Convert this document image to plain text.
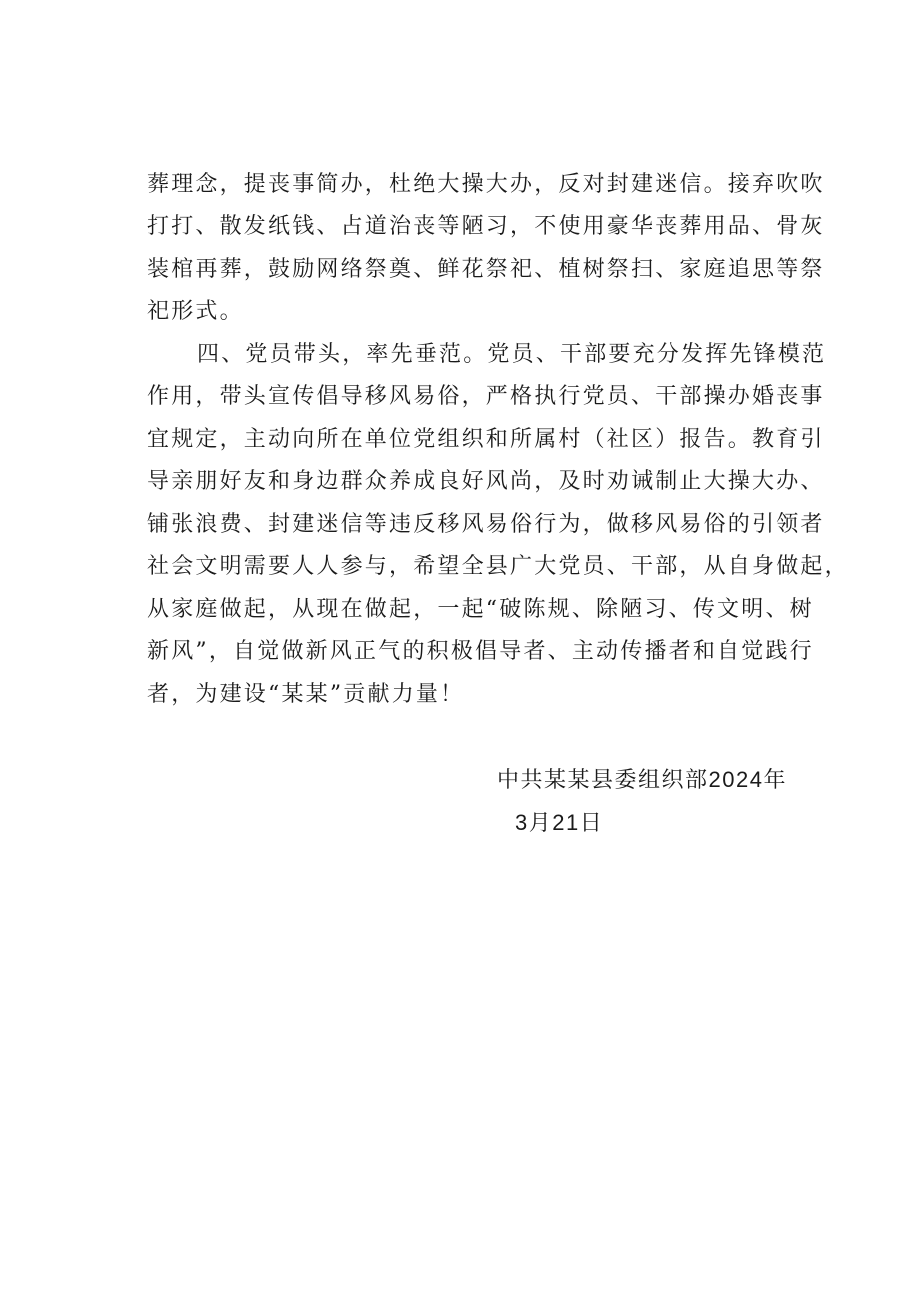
葬理念，提丧事简办，杜绝大操大办，反对封建迷信。接弃吹吹
打打、散发纸钱、占道治丧等陋习，不使用豪华丧葬用品、骨灰
装棺再葬，鼓励网络祭奠、鲜花祭祀、植树祭扫、家庭追思等祭
祀形式。
四、党员带头，率先垂范。党员、干部要充分发挥先锋模范
作用，带头宣传倡导移风易俗，严格执行党员、干部操办婚丧事
宜规定，主动向所在单位党组织和所属村（社区）报告。教育引
导亲朋好友和身边群众养成良好风尚，及时劝诫制止大操大办、
铺张浪费、封建迷信等违反移风易俗行为，做移风易俗的引领者
社会文明需要人人参与，希望全县广大党员、干部，从自身做起，
从家庭做起，从现在做起，一起“破陈规、除陋习、传文明、树
新风”，自觉做新风正气的积极倡导者、主动传播者和自觉践行
者，为建设“某某”贡献力量！
中共某某县委组织部2024年
3月21日
